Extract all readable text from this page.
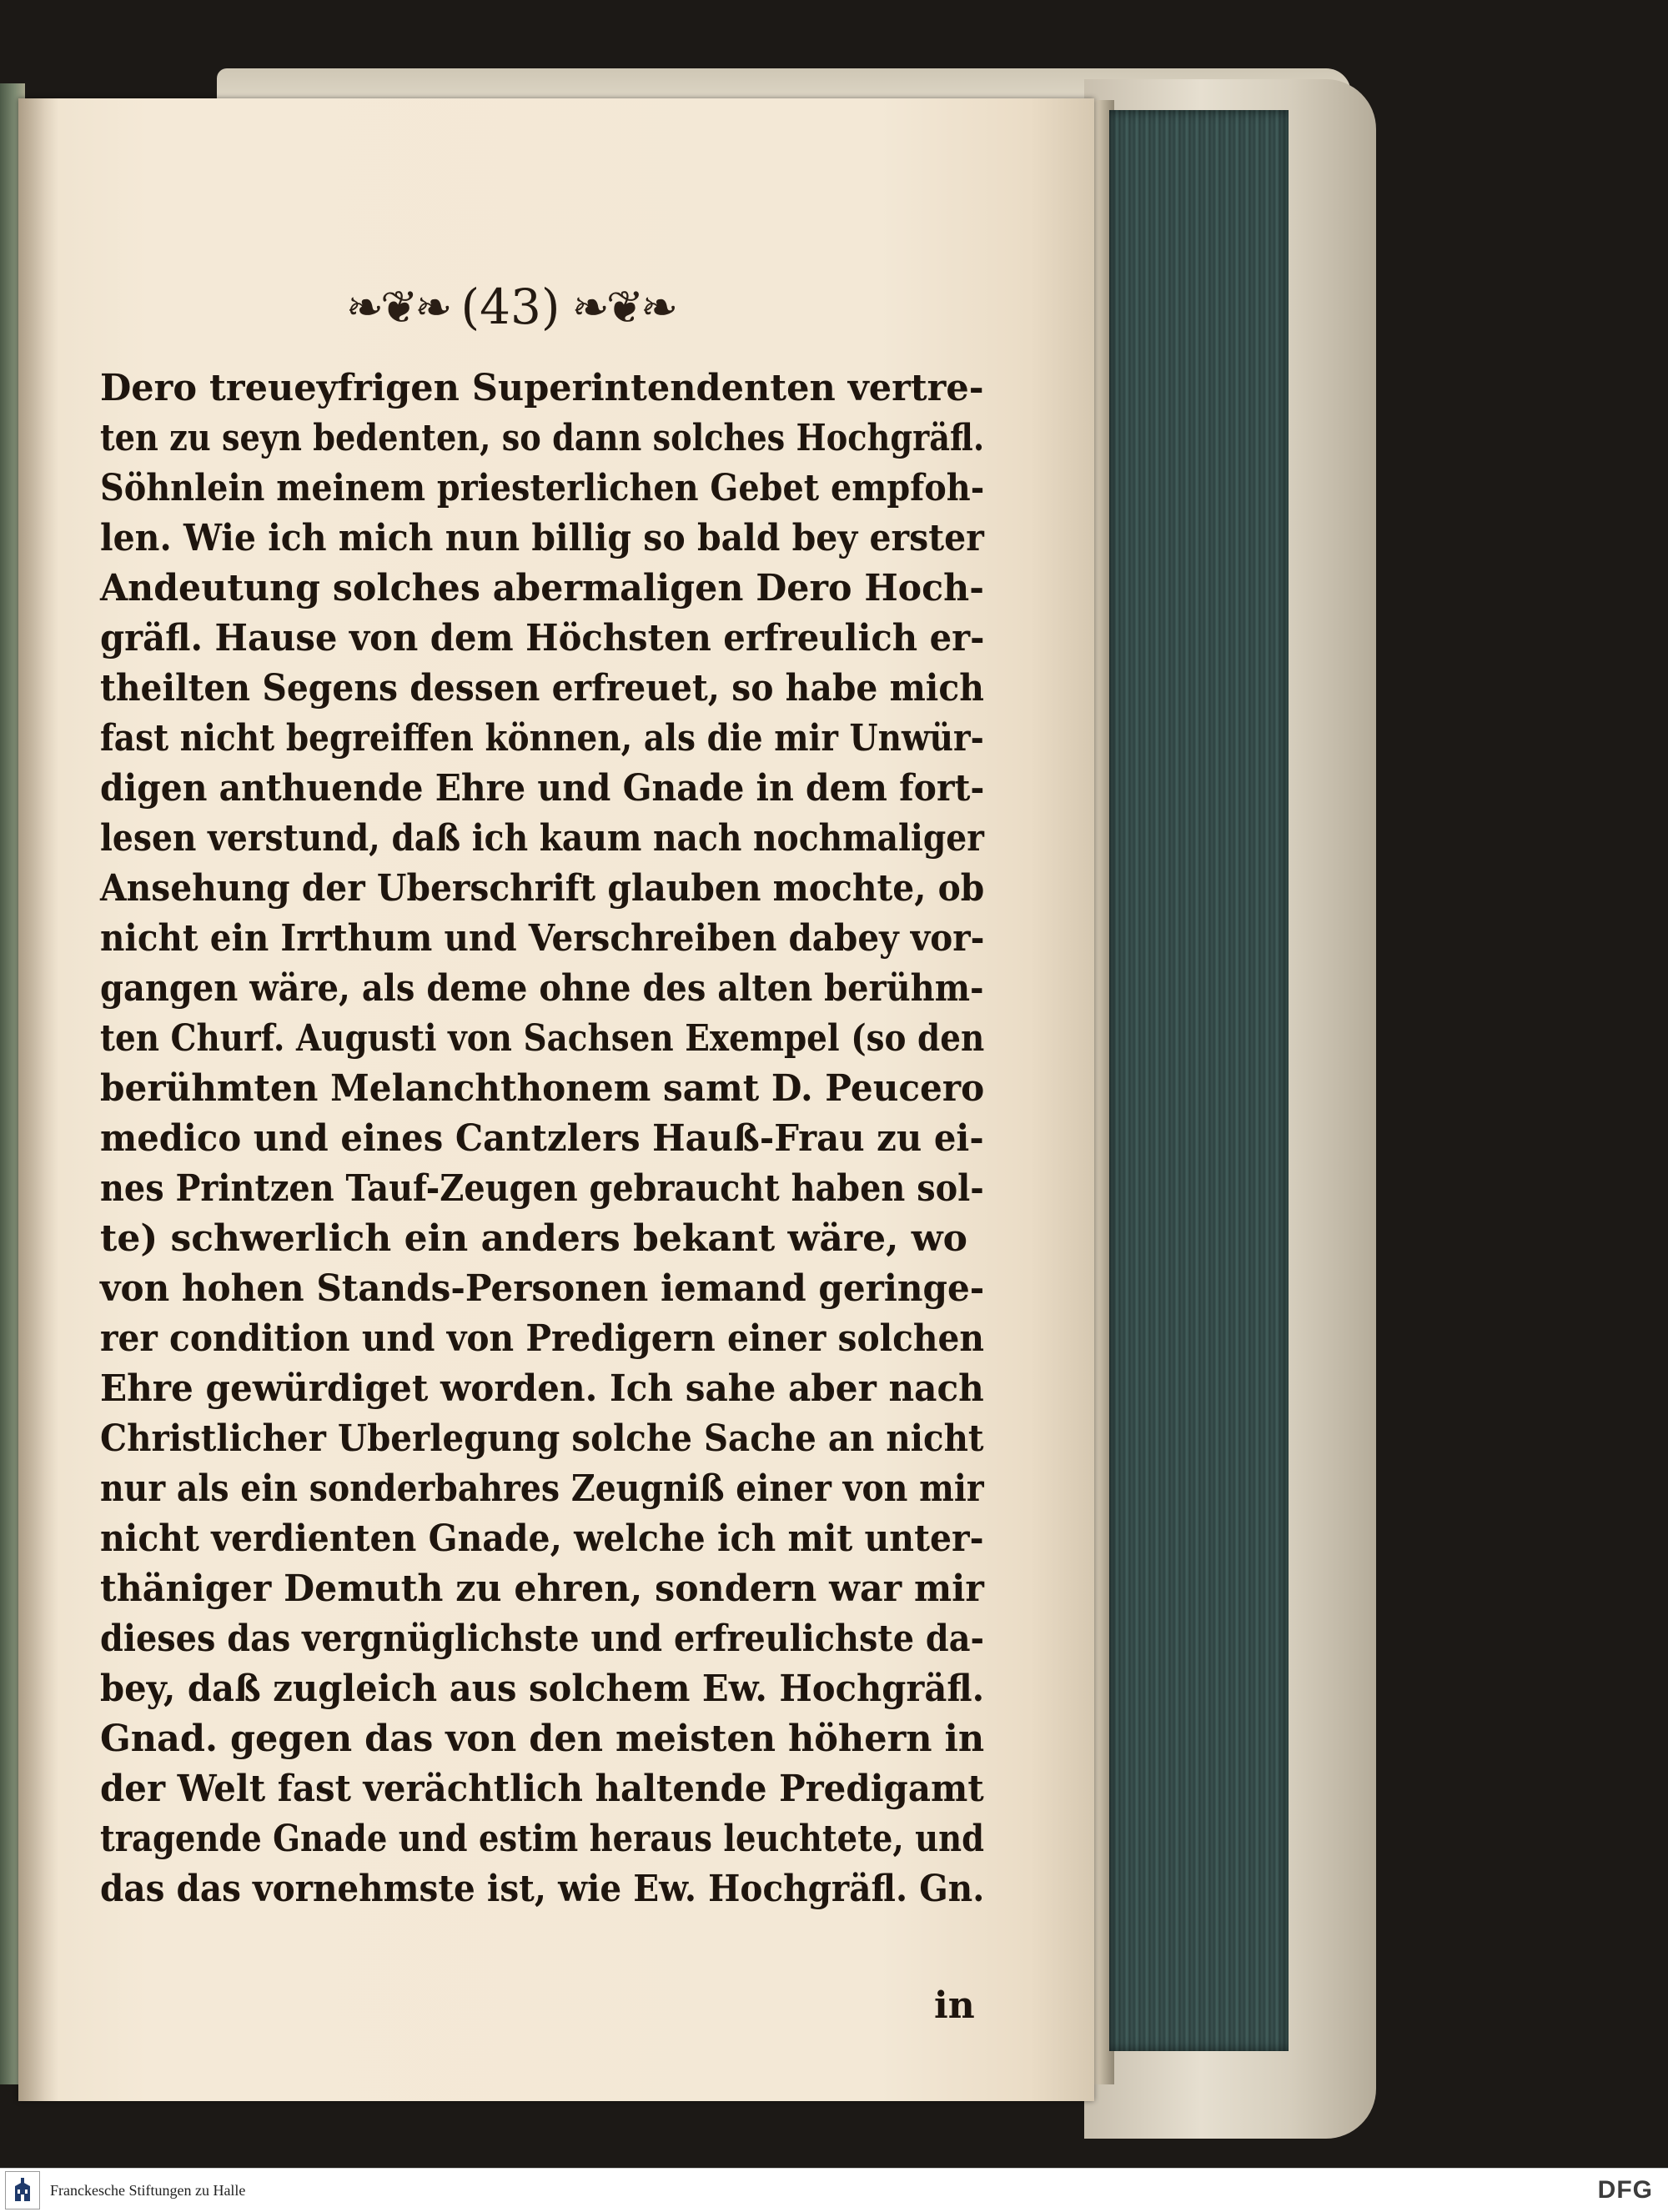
❧❦❧ (43) ❧❦❧
Dero treueyfrigen Superintendenten vertre-
ten zu seyn bedenten, so dann solches Hochgräfl.
Söhnlein meinem priesterlichen Gebet empfoh-
len. Wie ich mich nun billig so bald bey erster
Andeutung solches abermaligen Dero Hoch-
gräfl. Hause von dem Höchsten erfreulich er-
theilten Segens dessen erfreuet, so habe mich
fast nicht begreiffen können, als die mir Unwür-
digen anthuende Ehre und Gnade in dem fort-
lesen verstund, daß ich kaum nach nochmaliger
Ansehung der Uberschrift glauben mochte, ob
nicht ein Irrthum und Verschreiben dabey vor-
gangen wäre, als deme ohne des alten berühm-
ten Churf. Augusti von Sachsen Exempel (so den
berühmten Melanchthonem samt D. Peucero
medico und eines Cantzlers Hauß-Frau zu ei-
nes Printzen Tauf-Zeugen gebraucht haben sol-
te) schwerlich ein anders bekant wäre, wo
von hohen Stands-Personen iemand geringe-
rer condition und von Predigern einer solchen
Ehre gewürdiget worden. Ich sahe aber nach
Christlicher Uberlegung solche Sache an nicht
nur als ein sonderbahres Zeugniß einer von mir
nicht verdienten Gnade, welche ich mit unter-
thäniger Demuth zu ehren, sondern war mir
dieses das vergnüglichste und erfreulichste da-
bey, daß zugleich aus solchem Ew. Hochgräfl.
Gnad. gegen das von den meisten höhern in
der Welt fast verächtlich haltende Predigamt
tragende Gnade und estim heraus leuchtete, und
das das vornehmste ist, wie Ew. Hochgräfl. Gn.
in
Franckesche Stiftungen zu Halle	DFG
